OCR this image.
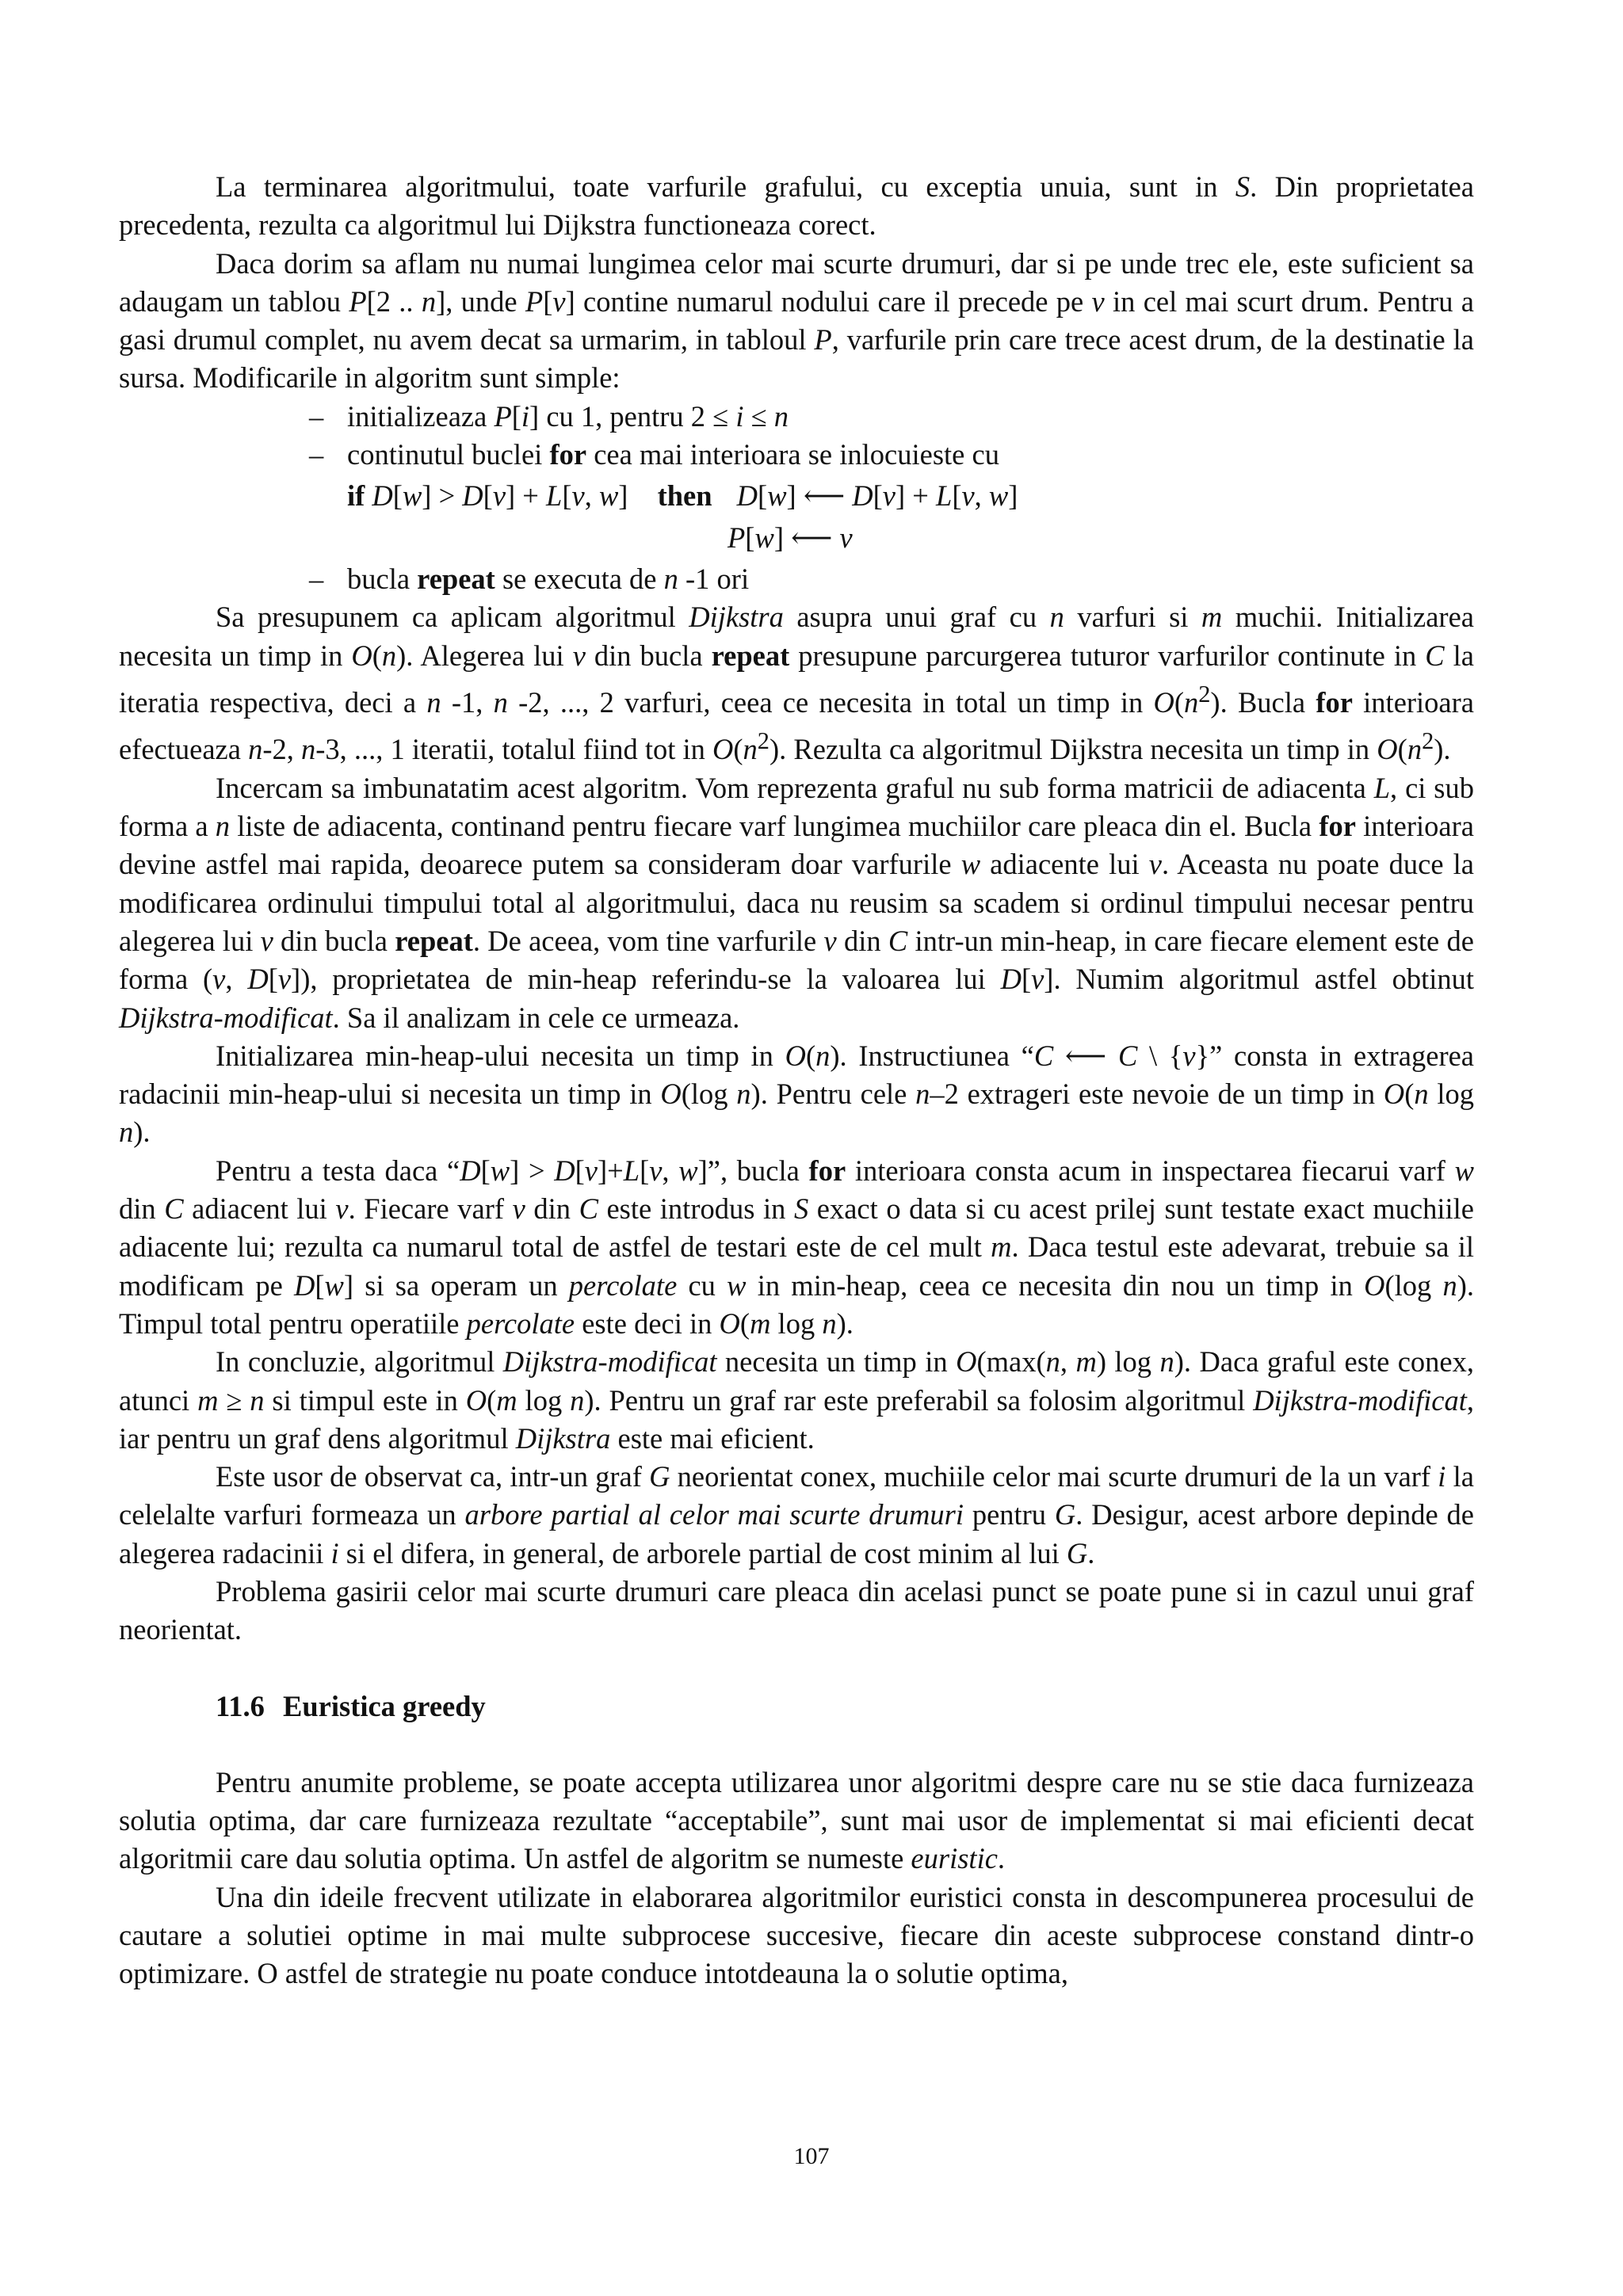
La terminarea algoritmului, toate varfurile grafului, cu exceptia unuia, sunt in S. Din proprietatea precedenta, rezulta ca algoritmul lui Dijkstra functioneaza corect.

Daca dorim sa aflam nu numai lungimea celor mai scurte drumuri, dar si pe unde trec ele, este suficient sa adaugam un tablou P[2 .. n], unde P[v] contine numarul nodului care il precede pe v in cel mai scurt drum. Pentru a gasi drumul complet, nu avem decat sa urmarim, in tabloul P, varfurile prin care trece acest drum, de la destinatie la sursa. Modificarile in algoritm sunt simple:

– initializeaza P[i] cu 1, pentru 2 ≤ i ≤ n
– continutul buclei for cea mai interioara se inlocuieste cu
if D[w] > D[v] + L[v, w] then D[w] ⟵ D[v] + L[v, w]
P[w] ⟵ v
– bucla repeat se executa de n -1 ori

Sa presupunem ca aplicam algoritmul Dijkstra asupra unui graf cu n varfuri si m muchii. Initializarea necesita un timp in O(n). Alegerea lui v din bucla repeat presupune parcurgerea tuturor varfurilor continute in C la iteratia respectiva, deci a n -1, n -2, ..., 2 varfuri, ceea ce necesita in total un timp in $O(n^2)$. Bucla for interioara efectueaza n-2, n-3, ..., 1 iteratii, totalul fiind tot in $O(n^2)$. Rezulta ca algoritmul Dijkstra necesita un timp in $O(n^2)$.

Incercam sa imbunatatim acest algoritm. Vom reprezenta graful nu sub forma matricii de adiacenta L, ci sub forma a n liste de adiacenta, continand pentru fiecare varf lungimea muchiilor care pleaca din el. Bucla for interioara devine astfel mai rapida, deoarece putem sa consideram doar varfurile w adiacente lui v. Aceasta nu poate duce la modificarea ordinului timpului total al algoritmului, daca nu reusim sa scadem si ordinul timpului necesar pentru alegerea lui v din bucla repeat. De aceea, vom tine varfurile v din C intr-un min-heap, in care fiecare element este de forma (v, D[v]), proprietatea de min-heap referindu-se la valoarea lui D[v]. Numim algoritmul astfel obtinut Dijkstra-modificat. Sa il analizam in cele ce urmeaza.

Initializarea min-heap-ului necesita un timp in O(n). Instructiunea “C ⟵ C \ {v}” consta in extragerea radacinii min-heap-ului si necesita un timp in O(log n). Pentru cele n–2 extrageri este nevoie de un timp in O(n log n).

Pentru a testa daca “D[w] > D[v]+L[v, w]”, bucla for interioara consta acum in inspectarea fiecarui varf w din C adiacent lui v. Fiecare varf v din C este introdus in S exact o data si cu acest prilej sunt testate exact muchiile adiacente lui; rezulta ca numarul total de astfel de testari este de cel mult m. Daca testul este adevarat, trebuie sa il modificam pe D[w] si sa operam un percolate cu w in min-heap, ceea ce necesita din nou un timp in O(log n). Timpul total pentru operatiile percolate este deci in O(m log n).

In concluzie, algoritmul Dijkstra-modificat necesita un timp in O(max(n, m) log n). Daca graful este conex, atunci m ≥ n si timpul este in O(m log n). Pentru un graf rar este preferabil sa folosim algoritmul Dijkstra-modificat, iar pentru un graf dens algoritmul Dijkstra este mai eficient.

Este usor de observat ca, intr-un graf G neorientat conex, muchiile celor mai scurte drumuri de la un varf i la celelalte varfuri formeaza un arbore partial al celor mai scurte drumuri pentru G. Desigur, acest arbore depinde de alegerea radacinii i si el difera, in general, de arborele partial de cost minim al lui G.

Problema gasirii celor mai scurte drumuri care pleaca din acelasi punct se poate pune si in cazul unui graf neorientat.

11.6 Euristica greedy

Pentru anumite probleme, se poate accepta utilizarea unor algoritmi despre care nu se stie daca furnizeaza solutia optima, dar care furnizeaza rezultate “acceptabile”, sunt mai usor de implementat si mai eficienti decat algoritmii care dau solutia optima. Un astfel de algoritm se numeste euristic.

Una din ideile frecvent utilizate in elaborarea algoritmilor euristici consta in descompunerea procesului de cautare a solutiei optime in mai multe subprocese succesive, fiecare din aceste subprocese constand dintr-o optimizare. O astfel de strategie nu poate conduce intotdeauna la o solutie optima,

107
